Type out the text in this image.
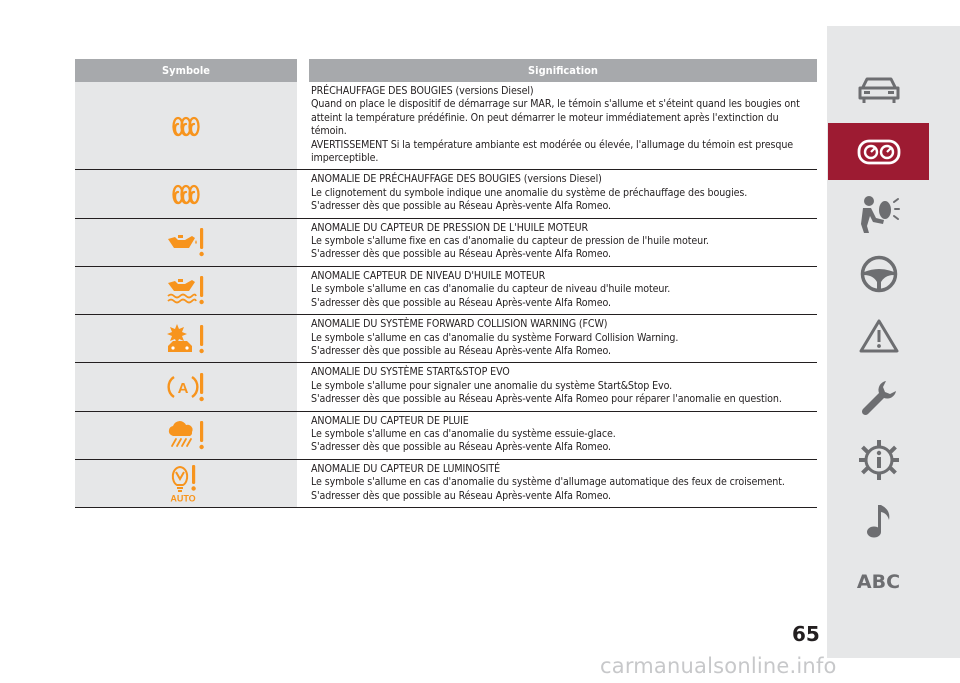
Symbole	Signification
PRÉCHAUFFAGE DES BOUGIES (versions Diesel)
Quand on place le dispositif de démarrage sur MAR, le témoin s'allume et s'éteint quand les bougies ont atteint la température prédéfinie. On peut démarrer le moteur immédiatement après l'extinction du témoin.
AVERTISSEMENT Si la température ambiante est modérée ou élevée, l'allumage du témoin est presque imperceptible.
ANOMALIE DE PRÉCHAUFFAGE DES BOUGIES (versions Diesel)
Le clignotement du symbole indique une anomalie du système de préchauffage des bougies.
S'adresser dès que possible au Réseau Après-vente Alfa Romeo.
ANOMALIE DU CAPTEUR DE PRESSION DE L'HUILE MOTEUR
Le symbole s'allume fixe en cas d'anomalie du capteur de pression de l'huile moteur.
S'adresser dès que possible au Réseau Après-vente Alfa Romeo.
ANOMALIE CAPTEUR DE NIVEAU D'HUILE MOTEUR
Le symbole s'allume en cas d'anomalie du capteur de niveau d'huile moteur.
S'adresser dès que possible au Réseau Après-vente Alfa Romeo.
ANOMALIE DU SYSTÈME FORWARD COLLISION WARNING (FCW)
Le symbole s'allume en cas d'anomalie du système Forward Collision Warning.
S'adresser dès que possible au Réseau Après-vente Alfa Romeo.
A
ANOMALIE DU SYSTÈME START&STOP EVO
Le symbole s'allume pour signaler une anomalie du système Start&Stop Evo.
S'adresser dès que possible au Réseau Après-vente Alfa Romeo pour réparer l'anomalie en question.
ANOMALIE DU CAPTEUR DE PLUIE
Le symbole s'allume en cas d'anomalie du système essuie-glace.
S'adresser dès que possible au Réseau Après-vente Alfa Romeo.
AUTO
ANOMALIE DU CAPTEUR DE LUMINOSITÉ
Le symbole s'allume en cas d'anomalie du système d'allumage automatique des feux de croisement.
S'adresser dès que possible au Réseau Après-vente Alfa Romeo.
ABC
65
carmanualsonline.info
